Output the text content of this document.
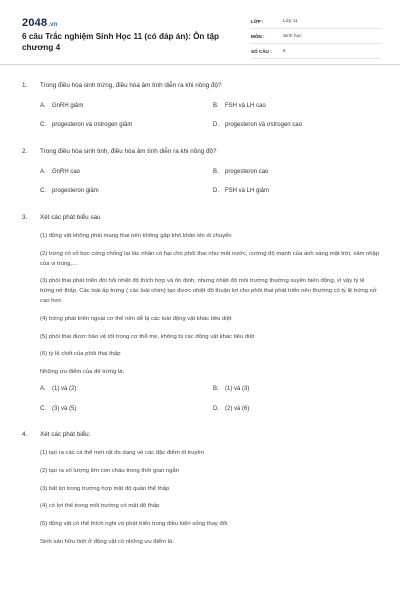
2048.vn
6 câu Trắc nghiệm Sinh Học 11 (có đáp án): Ôn tập chương 4
LỚP :	Lớp 11
MÔN :	Sinh học
SỐ CÂU :	6
1.	Trong điều hòa sinh trứng, điều hòa âm tính diễn ra khi nồng độ?
A.	GnRH giảm	B.	FSH và LH cao
C.	progesteron và ơstrogen giảm	D.	progesteron và ơstrogen cao
2.	Trong điều hòa sinh tinh, điều hòa âm tính diễn ra khi nồng độ?
A.	GnRH cao	B.	progesteron cao
C.	progesteron giảm	D.	FSH và LH giảm
3.	Xét các phát biểu sau
(1) động vật không phải mang thai nên không gặp khó khăn khi di chuyển
(2) trứng có vỏ bọc cứng chống lại tác nhân có hại cho phôi thai như mất nước, cường độ mạnh của ánh sáng mặt trời, xâm nhập của vi trùng,...
(3) phôi thai phát triển đòi hỏi nhiệt độ thích hợp và ổn định, nhưng nhiệt độ môi trường thường xuyên biến động, vì vậy tỷ lệ trứng nở thấp. Các loài ấp trứng ( các loài chim) tạo được nhiệt độ thuận lợi cho phôi thai phát triển nên thường có tỷ lệ trứng nở cao hơn
(4) trứng phát triển ngoài cơ thể nên dễ bị các loài động vật khác tiêu diệt
(5) phôi thai được bảo vệ tốt trong cơ thể mẹ, không bị các động vật khác tiêu diệt
(6) tỷ lệ chết của phôi thai thấp
Những ưu điểm của đẻ trứng là:
A.	(1) và (2)	B.	(1) và (3)
C.	(3) và (5)	D.	(2) và (6)
4.	Xét các phát biểu:
(1) tạo ra các cá thể mới rất đa dạng về các đặc điểm di truyền
(2) tạo ra số lượng lớn con cháu trong thời gian ngắn
(3) bất lợi trong trường hợp mật độ quần thể thấp
(4) có lợi thế trong môi trường có mật độ thấp
(5) động vật có thể thích nghi và phát triển trong điều kiện sống thay đổi
Sinh sản hữu tính ở động vật có những ưu điểm là:
